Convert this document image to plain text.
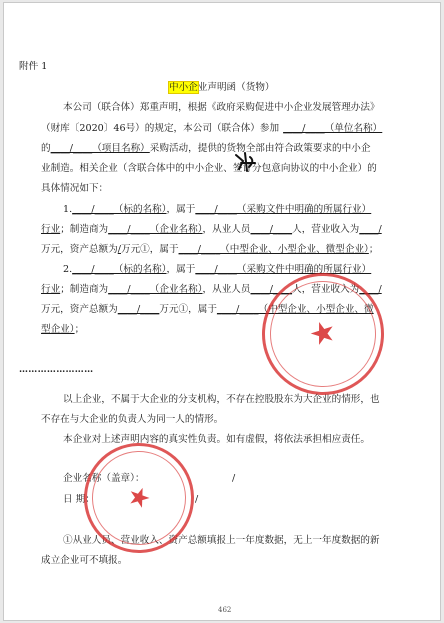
附件 1
中小企业声明函（货物）
本公司（联合体）郑重声明，根据《政府采购促进中小企业发展管理办法》
（财库〔2020〕46号）的规定，本公司（联合体）参加 ____/____（单位名称）
的____/____（项目名称）采购活动，提供的货物全部由符合政策要求的中小企
业制造。相关企业（含联合体中的中小企业、签订分包意向协议的中小企业）的
具体情况如下：
1.____/____（标的名称），属于____/____（采购文件中明确的所属行业）
行业；制造商为____/____（企业名称），从业人员____/____人，营业收入为____/
万元，资产总额为/万元①，属于____/____（中型企业、小型企业、微型企业）；
2.____/____（标的名称），属于____/____（采购文件中明确的所属行业）
行业；制造商为____/____（企业名称），从业人员____/____人，营业收入为____/
万元，资产总额为____/____万元①，属于____/____（中型企业、小型企业、微
型企业）；
……………………
以上企业，不属于大企业的分支机构，不存在控股股东为大企业的情形，也
不存在与大企业的负责人为同一人的情形。
本企业对上述声明内容的真实性负责。如有虚假，将依法承担相应责任。
企业名称（盖章）：	/
日 期：	/
①从业人员、营业收入、资产总额填报上一年度数据，无上一年度数据的新
成立企业可不填报。
462
★
★
